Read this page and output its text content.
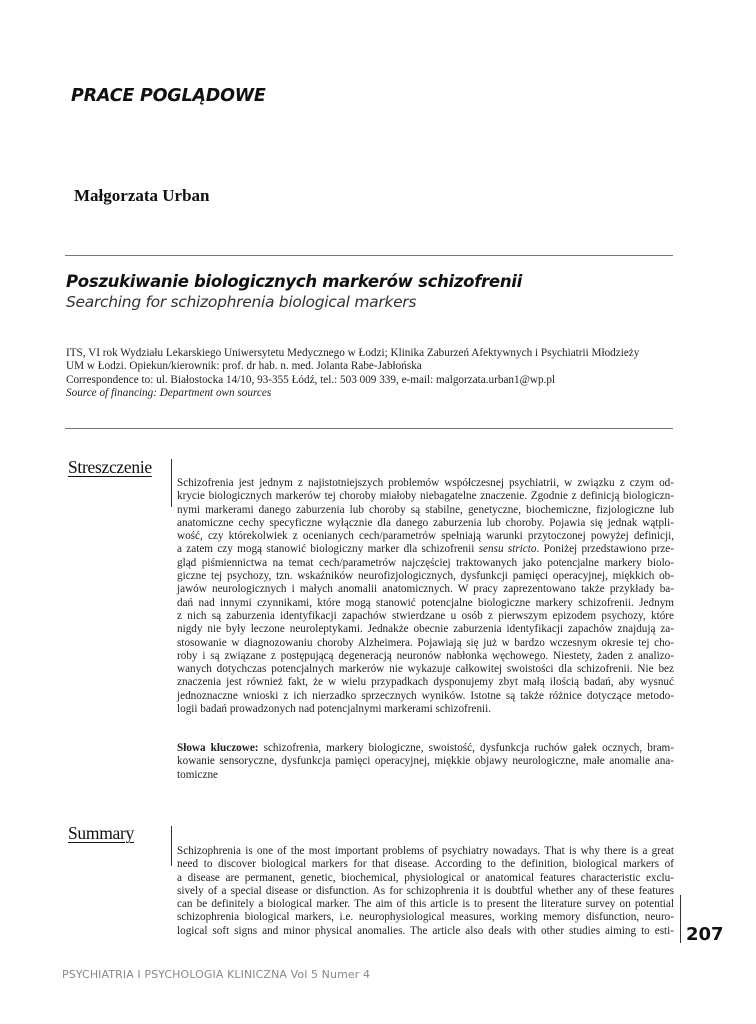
PRACE POGLĄDOWE
Małgorzata Urban
Poszukiwanie biologicznych markerów schizofrenii
Searching for schizophrenia biological markers
ITS, VI rok Wydziału Lekarskiego Uniwersytetu Medycznego w Łodzi; Klinika Zaburzeń Afektywnych i Psychiatrii Młodzieży
UM w Łodzi. Opiekun/kierownik: prof. dr hab. n. med. Jolanta Rabe-Jabłońska
Correspondence to: ul. Białostocka 14/10, 93-355 Łódź, tel.: 503 009 339, e-mail: malgorzata.urban1@wp.pl
Source of financing: Department own sources
Streszczenie
Schizofrenia jest jednym z najistotniejszych problemów współczesnej psychiatrii, w związku z czym od-
krycie biologicznych markerów tej choroby miałoby niebagatelne znaczenie. Zgodnie z definicją biologiczn-
nymi markerami danego zaburzenia lub choroby są stabilne, genetyczne, biochemiczne, fizjologiczne lub
anatomiczne cechy specyficzne wyłącznie dla danego zaburzenia lub choroby. Pojawia się jednak wątpli-
wość, czy którekolwiek z ocenianych cech/parametrów spełniają warunki przytoczonej powyżej definicji,
a zatem czy mogą stanowić biologiczny marker dla schizofrenii sensu stricto. Poniżej przedstawiono prze-
gląd piśmiennictwa na temat cech/parametrów najczęściej traktowanych jako potencjalne markery biolo-
giczne tej psychozy, tzn. wskaźników neurofizjologicznych, dysfunkcji pamięci operacyjnej, miękkich ob-
jawów neurologicznych i małych anomalii anatomicznych. W pracy zaprezentowano także przykłady ba-
dań nad innymi czynnikami, które mogą stanowić potencjalne biologiczne markery schizofrenii. Jednym
z nich są zaburzenia identyfikacji zapachów stwierdzane u osób z pierwszym epizodem psychozy, które
nigdy nie były leczone neuroleptykami. Jednakże obecnie zaburzenia identyfikacji zapachów znajdują za-
stosowanie w diagnozowaniu choroby Alzheimera. Pojawiają się już w bardzo wczesnym okresie tej cho-
roby i są związane z postępującą degeneracją neuronów nabłonka węchowego. Niestety, żaden z analizo-
wanych dotychczas potencjalnych markerów nie wykazuje całkowitej swoistości dla schizofrenii. Nie bez
znaczenia jest również fakt, że w wielu przypadkach dysponujemy zbyt małą ilością badań, aby wysnuć
jednoznaczne wnioski z ich nierzadko sprzecznych wyników. Istotne są także różnice dotyczące metodo-
logii badań prowadzonych nad potencjalnymi markerami schizofrenii.
Słowa kluczowe: schizofrenia, markery biologiczne, swoistość, dysfunkcja ruchów gałek ocznych, bram-
kowanie sensoryczne, dysfunkcja pamięci operacyjnej, miękkie objawy neurologiczne, małe anomalie ana-
tomiczne
Summary
Schizophrenia is one of the most important problems of psychiatry nowadays. That is why there is a great
need to discover biological markers for that disease. According to the definition, biological markers of
a disease are permanent, genetic, biochemical, physiological or anatomical features characteristic exclu-
sively of a special disease or disfunction. As for schizophrenia it is doubtful whether any of these features
can be definitely a biological marker. The aim of this article is to present the literature survey on potential
schizophrenia biological markers, i.e. neurophysiological measures, working memory disfunction, neuro-
logical soft signs and minor physical anomalies. The article also deals with other studies aiming to esti- 207
PSYCHIATRIA I PSYCHOLOGIA KLINICZNA Vol 5 Numer 4
